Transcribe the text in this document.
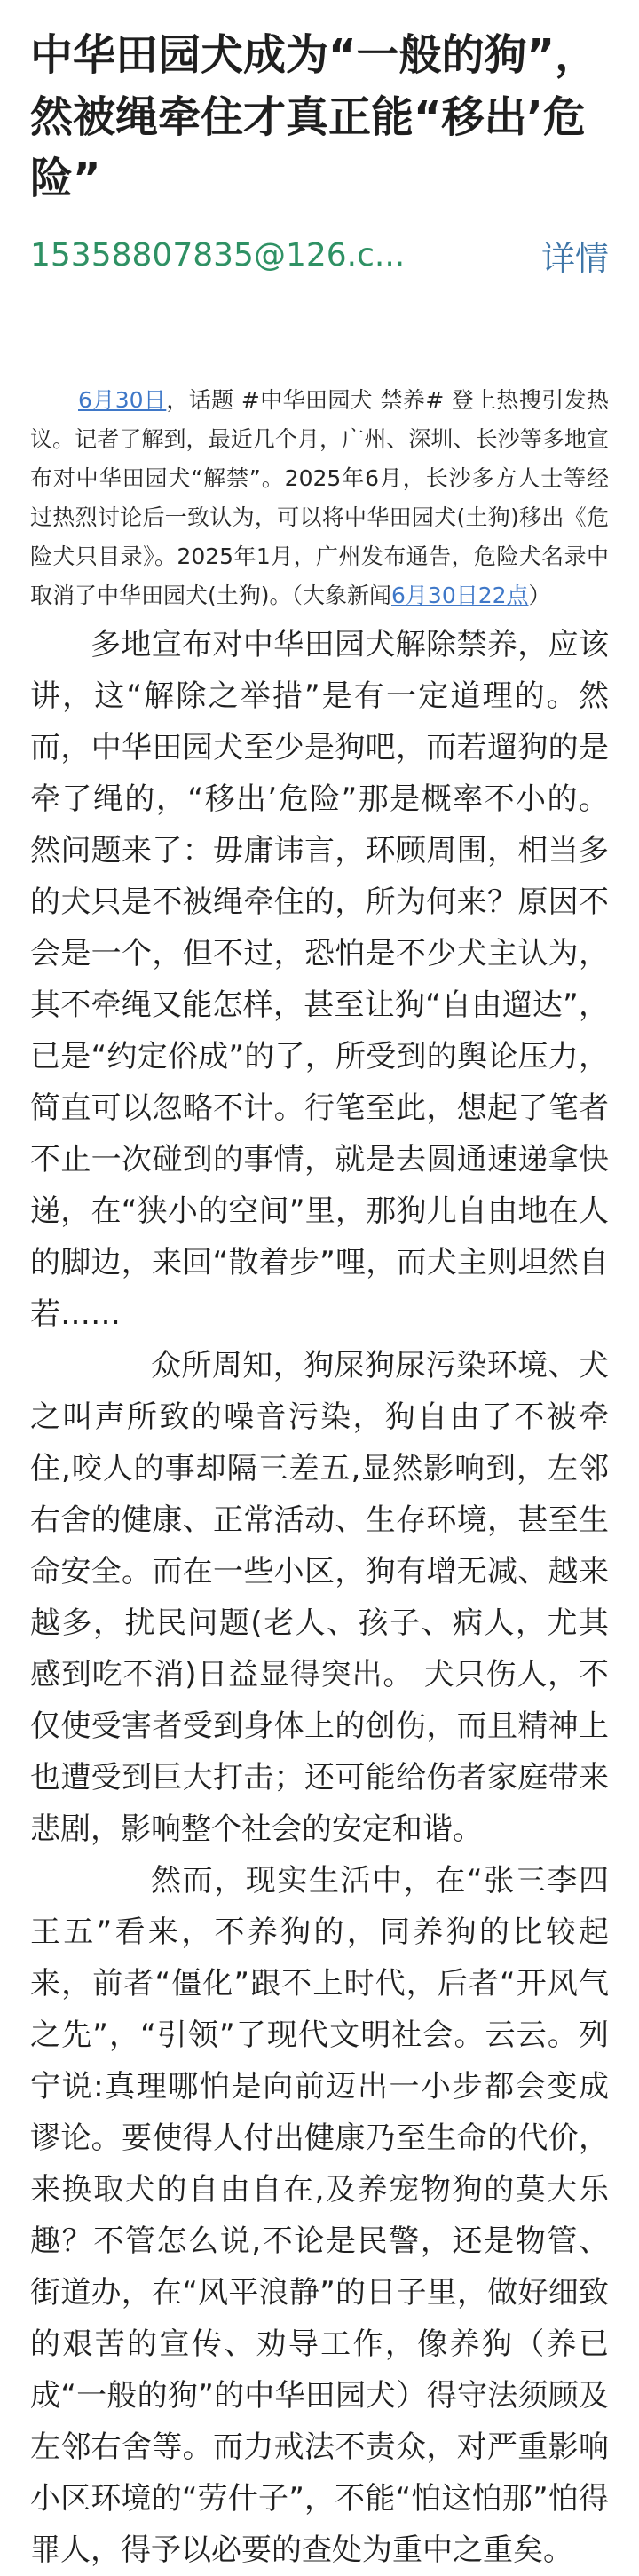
中华田园犬成为“一般的狗”，然被绳牵住才真正能“移出’危险”
15358807835@126.c...	详情

6月30日，话题 #中华田园犬 禁养# 登上热搜引发热议。记者了解到，最近几个月，广州、深圳、长沙等多地宣布对中华田园犬“解禁”。2025年6月，长沙多方人士等经过热烈讨论后一致认为，可以将中华田园犬(土狗)移出《危险犬只目录》。2025年1月，广州发布通告，危险犬名录中取消了中华田园犬(土狗)。（大象新闻6月30日22点）

多地宣布对中华田园犬解除禁养，应该讲，这“解除之举措”是有一定道理的。然而，中华田园犬至少是狗吧，而若遛狗的是牵了绳的，“移出’危险”那是概率不小的。然问题来了：毋庸讳言，环顾周围，相当多的犬只是不被绳牵住的，所为何来？原因不会是一个，但不过，恐怕是不少犬主认为，其不牵绳又能怎样，甚至让狗“自由遛达”，已是“约定俗成”的了，所受到的舆论压力，简直可以忽略不计。行笔至此，想起了笔者不止一次碰到的事情，就是去圆通速递拿快递，在“狭小的空间”里，那狗儿自由地在人的脚边，来回“散着步”哩，而犬主则坦然自若……

众所周知，狗屎狗尿污染环境、犬之叫声所致的噪音污染，狗自由了不被牵住,咬人的事却隔三差五,显然影响到，左邻右舍的健康、正常活动、生存环境，甚至生命安全。而在一些小区，狗有增无减、越来越多，扰民问题(老人、孩子、病人，尤其感到吃不消)日益显得突出。 犬只伤人，不仅使受害者受到身体上的创伤，而且精神上也遭受到巨大打击；还可能给伤者家庭带来悲剧，影响整个社会的安定和谐。

然而，现实生活中，在“张三李四王五”看来，不养狗的，同养狗的比较起来，前者“僵化”跟不上时代，后者“开风气之先”，“引领”了现代文明社会。云云。列宁说:真理哪怕是向前迈出一小步都会变成谬论。要使得人付出健康乃至生命的代价，来换取犬的自由自在,及养宠物狗的莫大乐趣？不管怎么说,不论是民警，还是物管、街道办，在“风平浪静”的日子里，做好细致的艰苦的宣传、劝导工作，像养狗（养已成“一般的狗”的中华田园犬）得守法须顾及左邻右舍等。而力戒法不责众，对严重影响小区环境的“劳什子”，不能“怕这怕那”怕得罪人，得予以必要的查处为重中之重矣。
